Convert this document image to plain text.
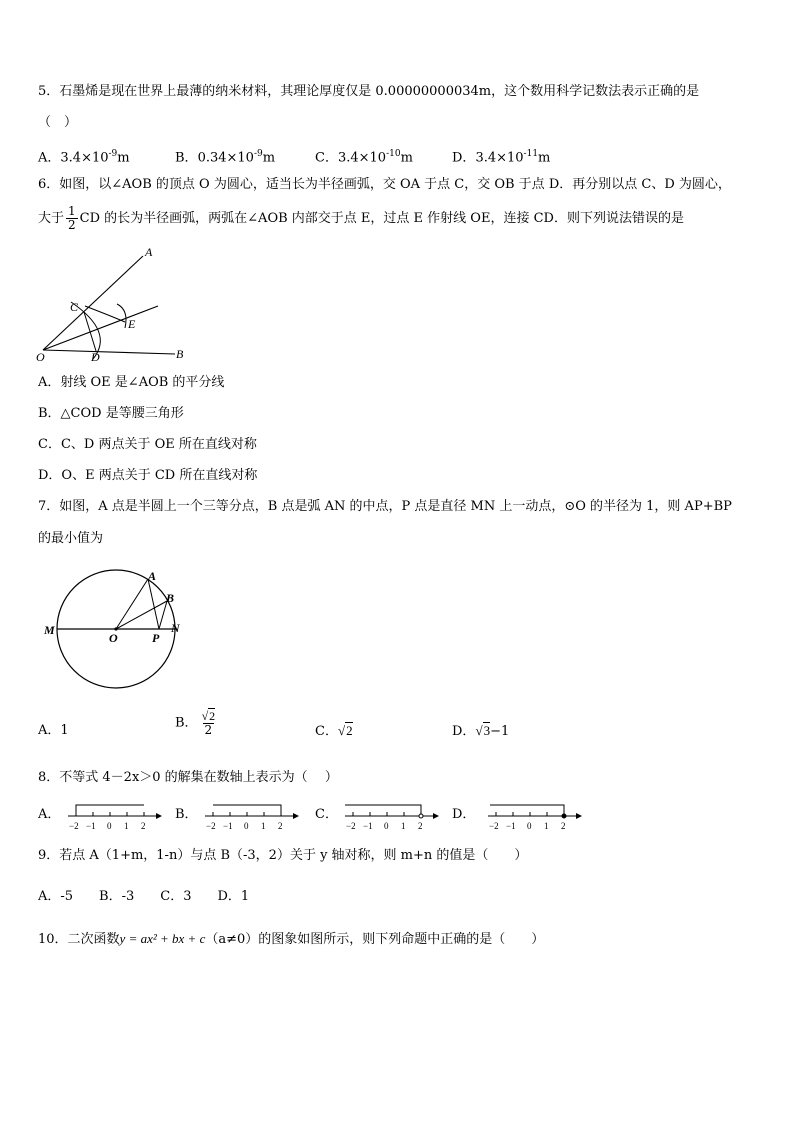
5．石墨烯是现在世界上最薄的纳米材料，其理论厚度仅是 0.00000000034m，这个数用科学记数法表示正确的是
（　）
A．$3.4\times 10^{-9}m$	B．$0.34\times 10^{-9}m$	C．$3.4\times 10^{-10}m$	D．$3.4\times 10^{-11}m$
6．如图，以∠AOB 的顶点 O 为圆心，适当长为半径画弧，交 OA 于点 C，交 OB 于点 D．再分别以点 C、D 为圆心，
大于 $\frac{1}{2}$ CD 的长为半径画弧，两弧在∠AOB 内部交于点 E，过点 E 作射线 OE，连接 CD．则下列说法错误的是
A
B
C
D
E
O
A．射线 OE 是∠AOB 的平分线
B．△COD 是等腰三角形
C．C、D 两点关于 OE 所在直线对称
D．O、E 两点关于 CD 所在直线对称
7．如图，A 点是半圆上一个三等分点，B 点是弧 AN 的中点，P 点是直径 MN 上一动点，⊙O 的半径为 1，则 AP+BP
的最小值为
A
B
M	N
O	P
A．1	B． $\frac{√2}{2}$	C．√2	D．√3−1
8．不等式 4－2x＞0 的解集在数轴上表示为（　 ）
A．	B．	C．	D．
−2 −1 0 1 2	−2 −1 0 1 2	−2 −1 0 1 2	−2 −1 0 1 2
9．若点 A（1+m，1-n）与点 B（-3，2）关于 y 轴对称，则 m+n 的值是（　　）
A．-5　　B．-3　　C．3　　D．1
10．二次函数y = ax² + bx + c（a≠0）的图象如图所示，则下列命题中正确的是（　　）
